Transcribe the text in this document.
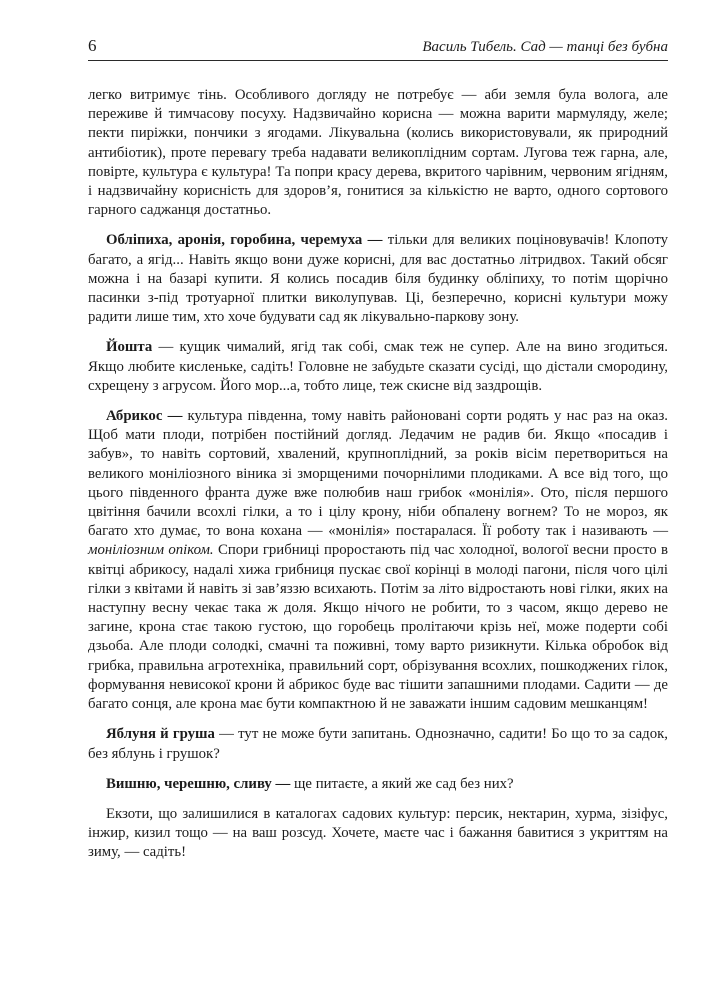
6	Василь Тибель. Сад — танці без бубна

легко витримує тінь. Особливого догляду не потребує — аби земля була волога, але переживе й тимчасову посуху. Надзвичайно корисна — можна варити мармуляду, желе; пекти пиріжки, пончики з ягодами. Лікувальна (колись використовували, як природний антибіотик), проте перевагу треба надавати великоплідним сортам. Лугова теж гарна, але, повірте, культура є культура! Та попри красу дерева, вкритого чарівним, червоним ягідням, і надзвичайну корисність для здоров’я, гонитися за кількістю не варто, одного сортового гарного саджанця достатньо.

Обліпиха, аронія, горобина, черемуха — тільки для великих поціновувачів! Клопоту багато, а ягід... Навіть якщо вони дуже корисні, для вас достатньо літридвох. Такий обсяг можна і на базарі купити. Я колись посадив біля будинку обліпиху, то потім щорічно пасинки з-під тротуарної плитки виколупував. Ці, безперечно, корисні культури можу радити лише тим, хто хоче будувати сад як лікувально-паркову зону.

Йошта — кущик чималий, ягід так собі, смак теж не супер. Але на вино згодиться. Якщо любите кисленьке, садіть! Головне не забудьте сказати сусіді, що дістали смородину, схрещену з агрусом. Його мор...а, тобто лице, теж скисне від заздрощів.

Абрикос — культура південна, тому навіть районовані сорти родять у нас раз на оказ. Щоб мати плоди, потрібен постійний догляд. Ледачим не радив би. Якщо «посадив і забув», то навіть сортовий, хвалений, крупноплідний, за років вісім перетвориться на великого моніліозного віника зі зморщеними почорнілими плодиками. А все від того, що цього південного франта дуже вже полюбив наш грибок «монілія». Ото, після першого цвітіння бачили всохлі гілки, а то і цілу крону, ніби обпалену вогнем? То не мороз, як багато хто думає, то вона кохана — «монілія» постаралася. Її роботу так і називають — моніліозним опіком. Спори грибниці проростають під час холодної, вологої весни просто в квітці абрикосу, надалі хижа грибниця пускає свої корінці в молоді пагони, після чого цілі гілки з квітами й навіть зі зав’яззю всихають. Потім за літо відростають нові гілки, яких на наступну весну чекає така ж доля. Якщо нічого не робити, то з часом, якщо дерево не загине, крона стає такою густою, що горобець пролітаючи крізь неї, може подерти собі дзьоба. Але плоди солодкі, смачні та поживні, тому варто ризикнути. Кілька обробок від грибка, правильна агротехніка, правильний сорт, обрізування всохлих, пошкоджених гілок, формування невисокої крони й абрикос буде вас тішити запашними плодами. Садити — де багато сонця, але крона має бути компактною й не заважати іншим садовим мешканцям!

Яблуня й груша — тут не може бути запитань. Однозначно, садити! Бо що то за садок, без яблунь і грушок?

Вишню, черешню, сливу — ще питаєте, а який же сад без них?

Екзоти, що залишилися в каталогах садових культур: персик, нектарин, хурма, зізіфус, інжир, кизил тощо — на ваш розсуд. Хочете, маєте час і бажання бавитися з укриттям на зиму, — садіть!
